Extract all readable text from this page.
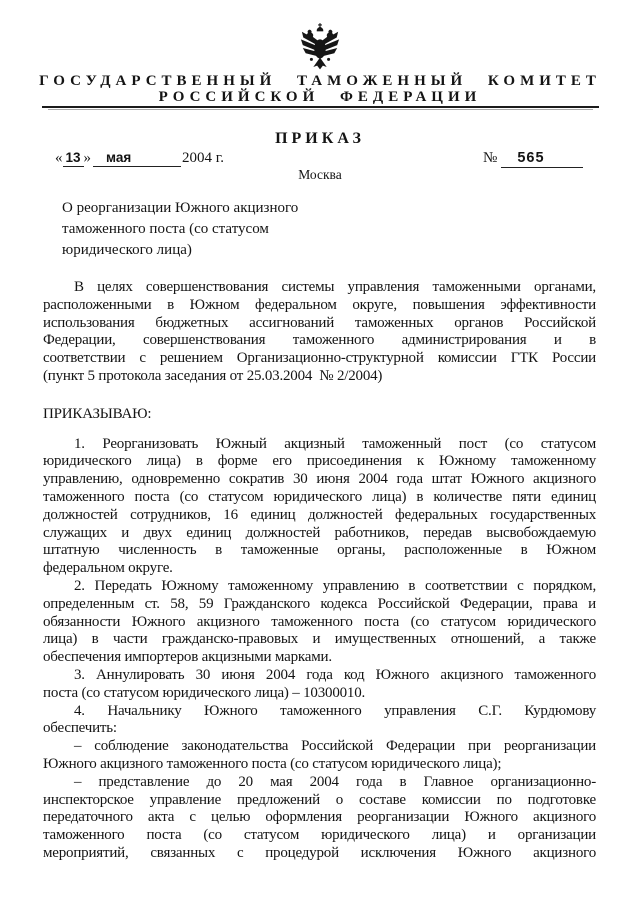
ГОСУДАРСТВЕННЫЙ ТАМОЖЕННЫЙ КОМИТЕТ
РОССИЙСКОЙ ФЕДЕРАЦИИ
ПРИКАЗ
« 13 » мая	2004 г.	№ 565
Москва
О реорганизации Южного акцизного
таможенного поста (со статусом
юридического лица)
В целях совершенствования системы управления таможенными органами,
расположенными в Южном федеральном округе, повышения эффективности
использования бюджетных ассигнований таможенных органов Российской
Федерации, совершенствования таможенного администрирования и в
соответствии с решением Организационно-структурной комиссии ГТК России
(пункт 5 протокола заседания от 25.03.2004  № 2/2004)
ПРИКАЗЫВАЮ:
1. Реорганизовать Южный акцизный таможенный пост (со статусом
юридического лица) в форме его присоединения к Южному таможенному
управлению, одновременно сократив 30 июня 2004 года штат Южного акцизного
таможенного поста (со статусом юридического лица) в количестве пяти единиц
должностей сотрудников, 16 единиц должностей федеральных государственных
служащих и двух единиц должностей работников, передав высвобождаемую
штатную численность в таможенные органы, расположенные в Южном
федеральном округе.
2. Передать Южному таможенному управлению в соответствии с порядком,
определенным ст. 58, 59 Гражданского кодекса Российской Федерации, права и
обязанности Южного акцизного таможенного поста (со статусом юридического
лица) в части гражданско-правовых и имущественных отношений, а также
обеспечения импортеров акцизными марками.
3. Аннулировать 30 июня 2004 года код Южного акцизного таможенного
поста (со статусом юридического лица) – 10300010.
4. Начальнику Южного таможенного управления С.Г. Курдюмову
обеспечить:
– соблюдение законодательства Российской Федерации при реорганизации
Южного акцизного таможенного поста (со статусом юридического лица);
– представление до 20 мая 2004 года в Главное организационно-
инспекторское управление предложений о составе комиссии по подготовке
передаточного акта с целью оформления реорганизации Южного акцизного
таможенного поста (со статусом юридического лица) и организации
мероприятий, связанных с процедурой исключения Южного акцизного
